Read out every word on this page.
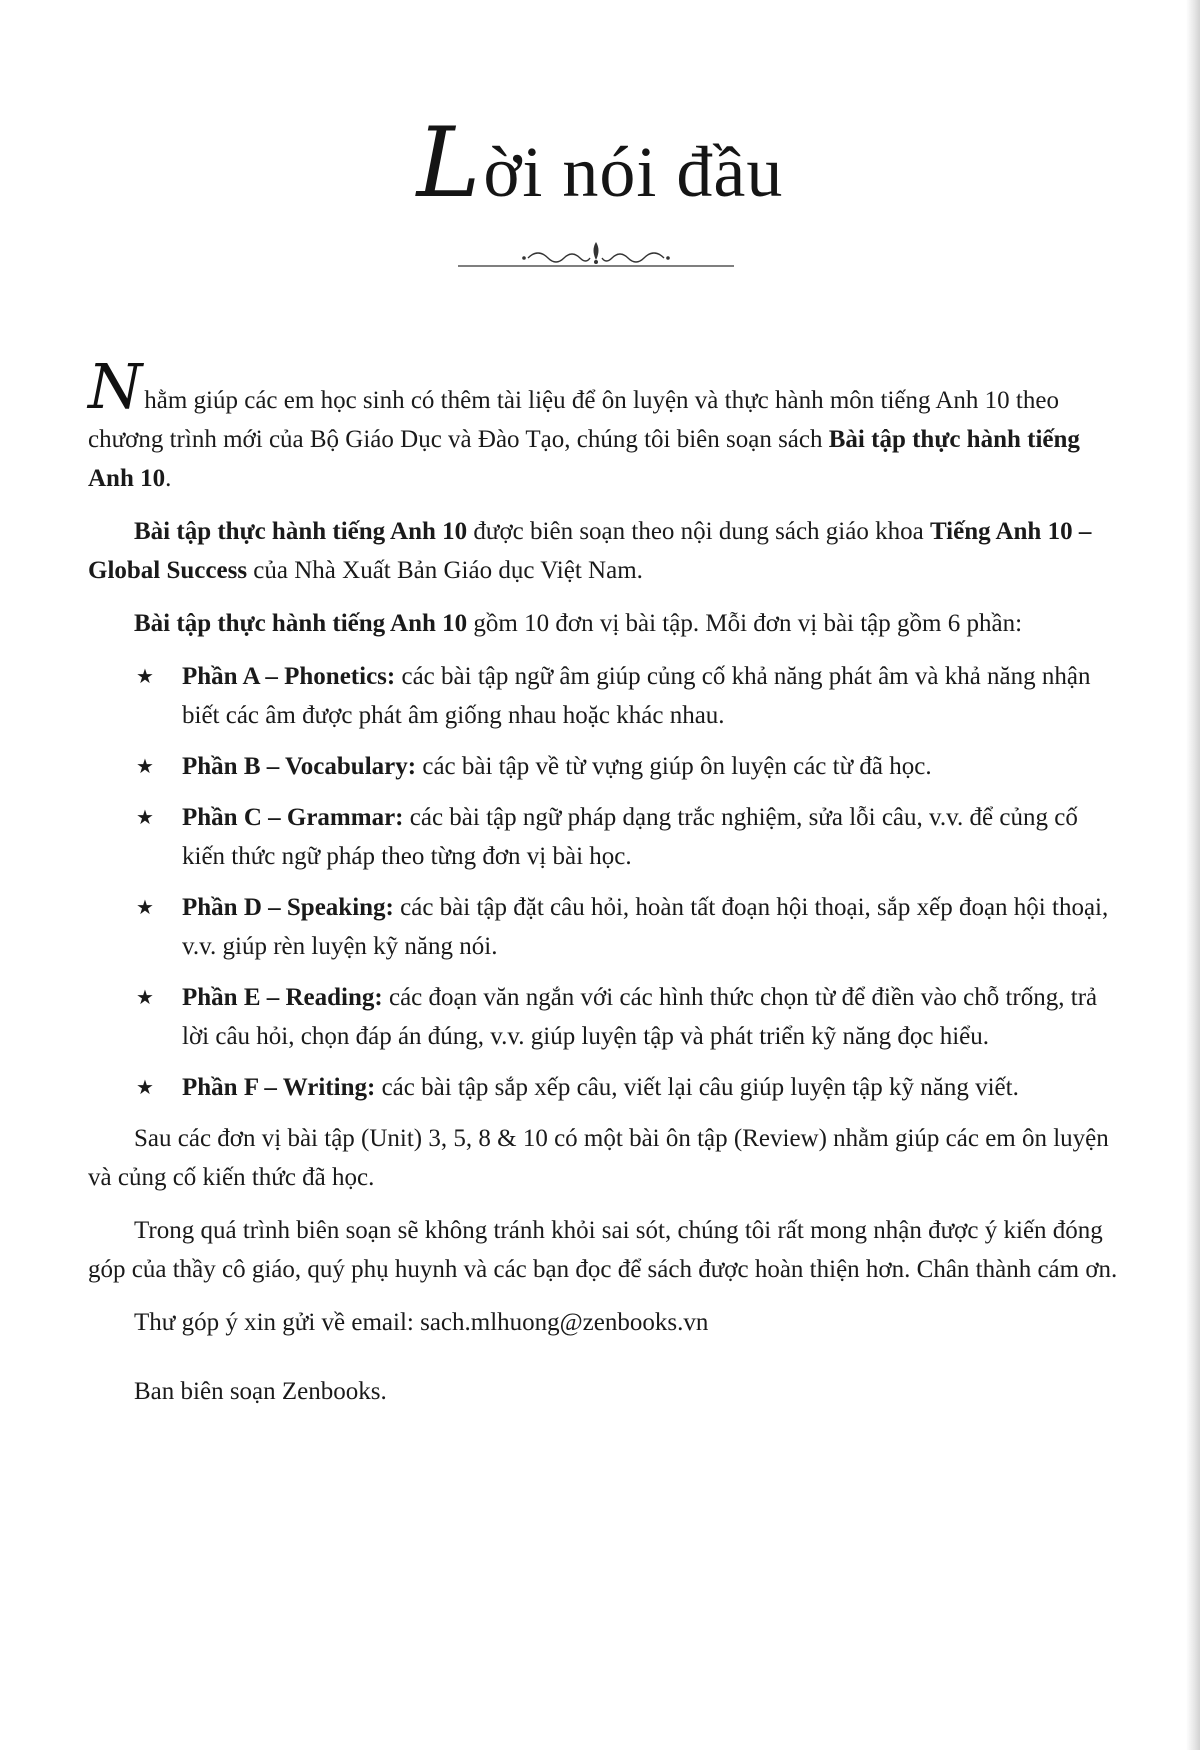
Lời nói đầu

Nhằm giúp các em học sinh có thêm tài liệu để ôn luyện và thực hành môn tiếng Anh 10 theo chương trình mới của Bộ Giáo Dục và Đào Tạo, chúng tôi biên soạn sách Bài tập thực hành tiếng Anh 10.

Bài tập thực hành tiếng Anh 10 được biên soạn theo nội dung sách giáo khoa Tiếng Anh 10 – Global Success của Nhà Xuất Bản Giáo dục Việt Nam.

Bài tập thực hành tiếng Anh 10 gồm 10 đơn vị bài tập. Mỗi đơn vị bài tập gồm 6 phần:

★ Phần A – Phonetics: các bài tập ngữ âm giúp củng cố khả năng phát âm và khả năng nhận biết các âm được phát âm giống nhau hoặc khác nhau.
★ Phần B – Vocabulary: các bài tập về từ vựng giúp ôn luyện các từ đã học.
★ Phần C – Grammar: các bài tập ngữ pháp dạng trắc nghiệm, sửa lỗi câu, v.v. để củng cố kiến thức ngữ pháp theo từng đơn vị bài học.
★ Phần D – Speaking: các bài tập đặt câu hỏi, hoàn tất đoạn hội thoại, sắp xếp đoạn hội thoại, v.v. giúp rèn luyện kỹ năng nói.
★ Phần E – Reading: các đoạn văn ngắn với các hình thức chọn từ để điền vào chỗ trống, trả lời câu hỏi, chọn đáp án đúng, v.v. giúp luyện tập và phát triển kỹ năng đọc hiểu.
★ Phần F – Writing: các bài tập sắp xếp câu, viết lại câu giúp luyện tập kỹ năng viết.

Sau các đơn vị bài tập (Unit) 3, 5, 8 & 10 có một bài ôn tập (Review) nhằm giúp các em ôn luyện và củng cố kiến thức đã học.

Trong quá trình biên soạn sẽ không tránh khỏi sai sót, chúng tôi rất mong nhận được ý kiến đóng góp của thầy cô giáo, quý phụ huynh và các bạn đọc để sách được hoàn thiện hơn. Chân thành cám ơn.

Thư góp ý xin gửi về email: sach.mlhuong@zenbooks.vn

Ban biên soạn Zenbooks.
